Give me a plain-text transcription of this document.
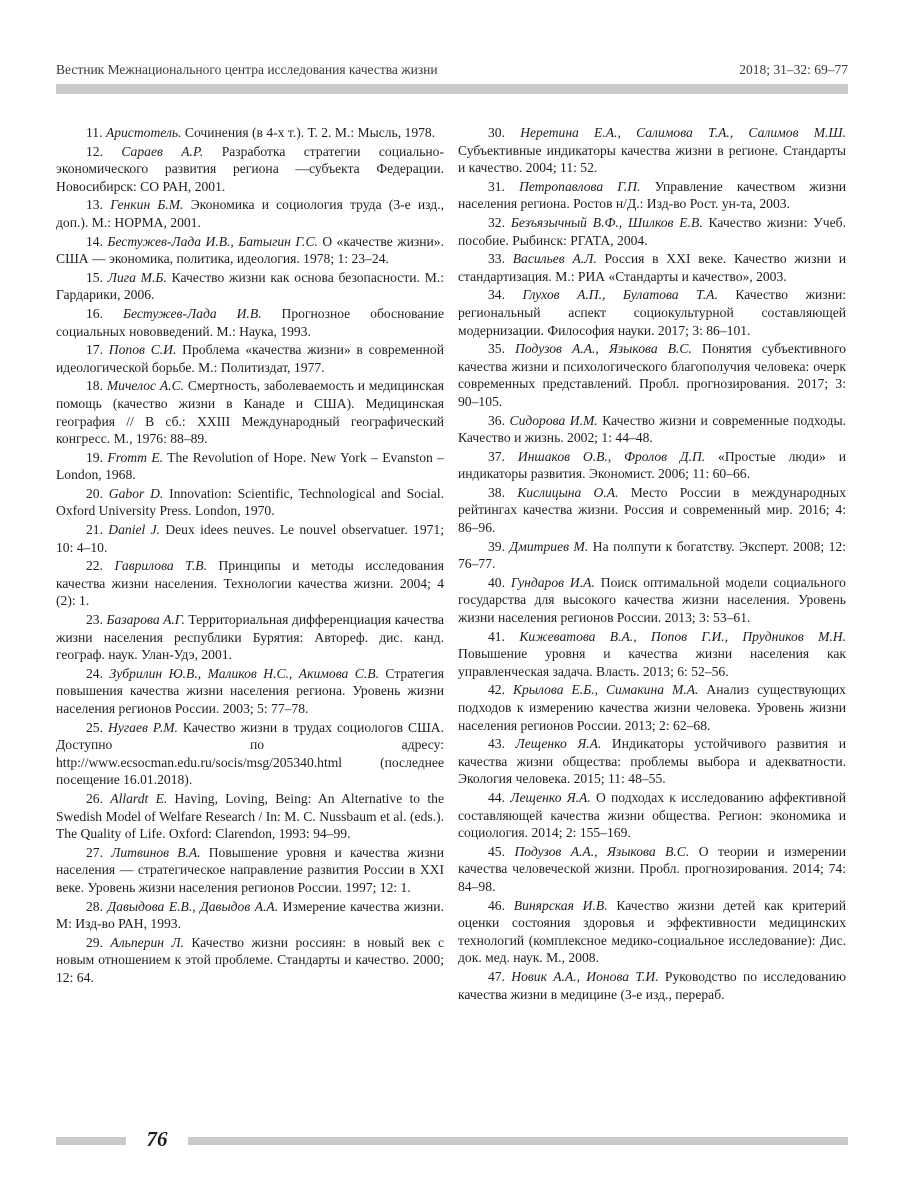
Вестник Межнационального центра исследования качества жизни	2018; 31–32: 69–77

11. Аристотель. Сочинения (в 4-х т.). Т. 2. М.: Мысль, 1978.

12. Сараев А.Р. Разработка стратегии социально-экономического развития региона —субъекта Федерации. Новосибирск: СО РАН, 2001.

13. Генкин Б.М. Экономика и социология труда (3-е изд., доп.). М.: НОРМА, 2001.

14. Бестужев-Лада И.В., Батыгин Г.С. О «качестве жизни». США — экономика, политика, идеология. 1978; 1: 23–24.

15. Лига М.Б. Качество жизни как основа безопасности. М.: Гардарики, 2006.

16. Бестужев-Лада И.В. Прогнозное обоснование социальных нововведений. М.: Наука, 1993.

17. Попов С.И. Проблема «качества жизни» в современной идеологической борьбе. М.: Политиздат, 1977.

18. Мичелос А.С. Смертность, заболеваемость и медицинская помощь (качество жизни в Канаде и США). Медицинская география // В сб.: XXIII Международный географический конгресс. М., 1976: 88–89.

19. Fromm E. The Revolution of Hope. New York – Evanston – London, 1968.

20. Gabor D. Innovation: Scientific, Technological and Social. Oxford University Press. London, 1970.

21. Daniel J. Deux idees neuves. Le nouvel observatuer. 1971; 10: 4–10.

22. Гаврилова Т.В. Принципы и методы исследования качества жизни населения. Технологии качества жизни. 2004; 4 (2): 1.

23. Базарова А.Г. Территориальная дифференциация качества жизни населения республики Бурятия: Автореф. дис. канд. географ. наук. Улан-Удэ, 2001.

24. Зубрилин Ю.В., Маликов Н.С., Акимова С.В. Стратегия повышения качества жизни населения региона. Уровень жизни населения регионов России. 2003; 5: 77–78.

25. Нугаев Р.М. Качество жизни в трудах социологов США. Доступно по адресу: http://www.ecsocman.edu.ru/socis/msg/205340.html (последнее посещение 16.01.2018).

26. Allardt E. Having, Loving, Being: An Alternative to the Swedish Model of Welfare Research / In: M. C. Nussbaum et al. (eds.). The Quality of Life. Oxford: Clarendon, 1993: 94–99.

27. Литвинов В.А. Повышение уровня и качества жизни населения — стратегическое направление развития России в XXI веке. Уровень жизни населения регионов России. 1997; 12: 1.

28. Давыдова Е.В., Давыдов А.А. Измерение качества жизни. М: Изд-во РАН, 1993.

29. Альперин Л. Качество жизни россиян: в новый век с новым отношением к этой проблеме. Стандарты и качество. 2000; 12: 64.

30. Неретина Е.А., Салимова Т.А., Салимов М.Ш. Субъективные индикаторы качества жизни в регионе. Стандарты и качество. 2004; 11: 52.

31. Петропавлова Г.П. Управление качеством жизни населения региона. Ростов н/Д.: Изд-во Рост. ун-та, 2003.

32. Безъязычный В.Ф., Шилков Е.В. Качество жизни: Учеб. пособие. Рыбинск: РГАТА, 2004.

33. Васильев А.Л. Россия в XXI веке. Качество жизни и стандартизация. М.: РИА «Стандарты и качество», 2003.

34. Глухов А.П., Булатова Т.А. Качество жизни: региональный аспект социокультурной составляющей модернизации. Философия науки. 2017; 3: 86–101.

35. Подузов А.А., Языкова В.С. Понятия субъективного качества жизни и психологического благополучия человека: очерк современных представлений. Пробл. прогнозирования. 2017; 3: 90–105.

36. Сидорова И.М. Качество жизни и современные подходы. Качество и жизнь. 2002; 1: 44–48.

37. Иншаков О.В., Фролов Д.П. «Простые люди» и индикаторы развития. Экономист. 2006; 11: 60–66.

38. Кислицына О.А. Место России в международных рейтингах качества жизни. Россия и современный мир. 2016; 4: 86–96.

39. Дмитриев М. На полпути к богатству. Эксперт. 2008; 12: 76–77.

40. Гундаров И.А. Поиск оптимальной модели социального государства для высокого качества жизни населения. Уровень жизни населения регионов России. 2013; 3: 53–61.

41. Кижеватова В.А., Попов Г.И., Прудников М.Н. Повышение уровня и качества жизни населения как управленческая задача. Власть. 2013; 6: 52–56.

42. Крылова Е.Б., Симакина М.А. Анализ существующих подходов к измерению качества жизни человека. Уровень жизни населения регионов России. 2013; 2: 62–68.

43. Лещенко Я.А. Индикаторы устойчивого развития и качества жизни общества: проблемы выбора и адекватности. Экология человека. 2015; 11: 48–55.

44. Лещенко Я.А. О подходах к исследованию аффективной составляющей качества жизни общества. Регион: экономика и социология. 2014; 2: 155–169.

45. Подузов А.А., Языкова В.С. О теории и измерении качества человеческой жизни. Пробл. прогнозирования. 2014; 74: 84–98.

46. Винярская И.В. Качество жизни детей как критерий оценки состояния здоровья и эффективности медицинских технологий (комплексное медико-социальное исследование): Дис. док. мед. наук. М., 2008.

47. Новик А.А., Ионова Т.И. Руководство по исследованию качества жизни в медицине (3-е изд., перераб.

76
